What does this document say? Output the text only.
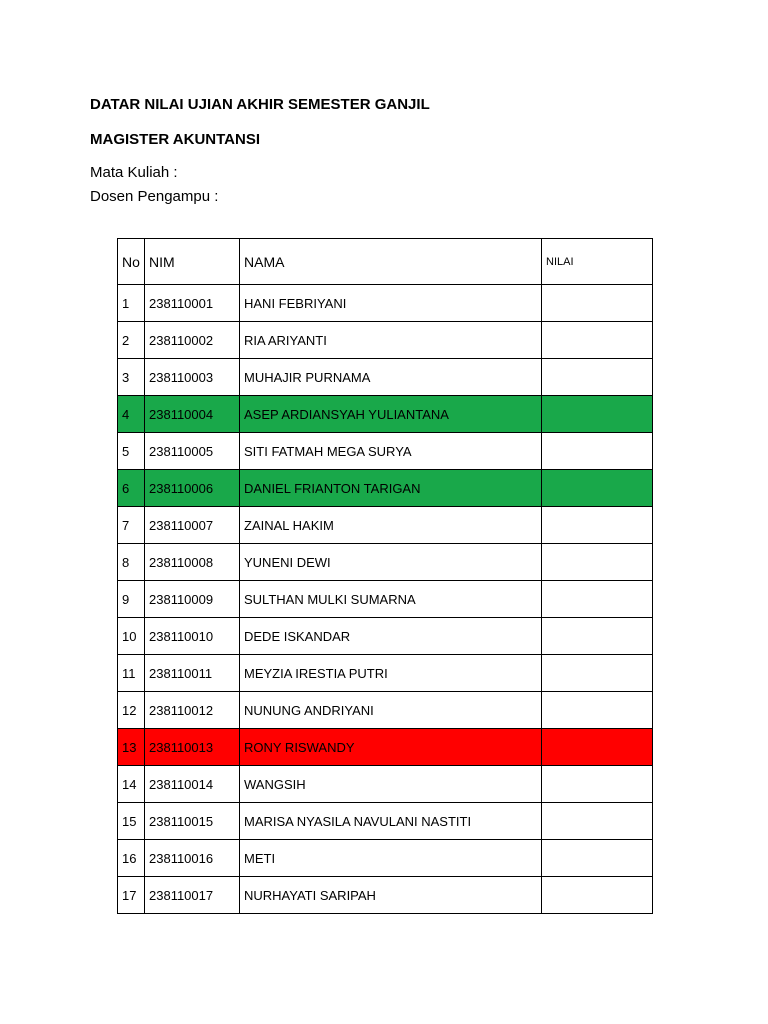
DATAR NILAI UJIAN AKHIR SEMESTER GANJIL
MAGISTER AKUNTANSI
Mata Kuliah :
Dosen Pengampu :
No	NIM	NAMA	NILAI
1	238110001	HANI FEBRIYANI	
2	238110002	RIA ARIYANTI	
3	238110003	MUHAJIR PURNAMA	
4	238110004	ASEP ARDIANSYAH YULIANTANA	
5	238110005	SITI FATMAH MEGA SURYA	
6	238110006	DANIEL FRIANTON TARIGAN	
7	238110007	ZAINAL HAKIM	
8	238110008	YUNENI DEWI	
9	238110009	SULTHAN MULKI SUMARNA	
10	238110010	DEDE ISKANDAR	
11	238110011	MEYZIA IRESTIA PUTRI	
12	238110012	NUNUNG ANDRIYANI	
13	238110013	RONY RISWANDY	
14	238110014	WANGSIH	
15	238110015	MARISA NYASILA NAVULANI NASTITI	
16	238110016	METI	
17	238110017	NURHAYATI SARIPAH	
